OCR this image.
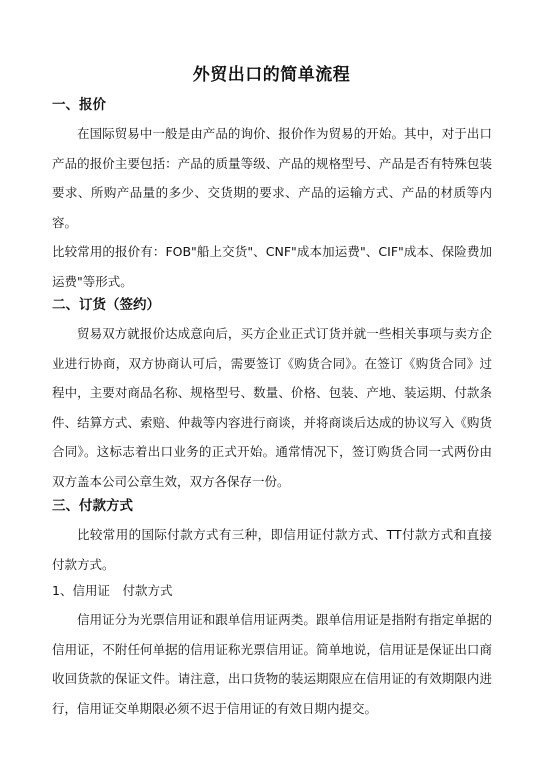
外贸出口的简单流程
一、报价

在国际贸易中一般是由产品的询价、报价作为贸易的开始。其中，对于出口产品的报价主要包括：产品的质量等级、产品的规格型号、产品是否有特殊包装要求、所购产品量的多少、交货期的要求、产品的运输方式、产品的材质等内容。

比较常用的报价有：FOB"船上交货"、CNF"成本加运费"、CIF"成本、保险费加运费"等形式。

二、订货（签约）

贸易双方就报价达成意向后，买方企业正式订货并就一些相关事项与卖方企业进行协商，双方协商认可后，需要签订《购货合同》。在签订《购货合同》过程中，主要对商品名称、规格型号、数量、价格、包装、产地、装运期、付款条件、结算方式、索赔、仲裁等内容进行商谈，并将商谈后达成的协议写入《购货合同》。这标志着出口业务的正式开始。通常情况下，签订购货合同一式两份由双方盖本公司公章生效，双方各保存一份。

三、付款方式

比较常用的国际付款方式有三种，即信用证付款方式、TT付款方式和直接付款方式。

1、信用证　付款方式

信用证分为光票信用证和跟单信用证两类。跟单信用证是指附有指定单据的信用证，不附任何单据的信用证称光票信用证。简单地说，信用证是保证出口商收回货款的保证文件。请注意，出口货物的装运期限应在信用证的有效期限内进行，信用证交单期限必须不迟于信用证的有效日期内提交。
